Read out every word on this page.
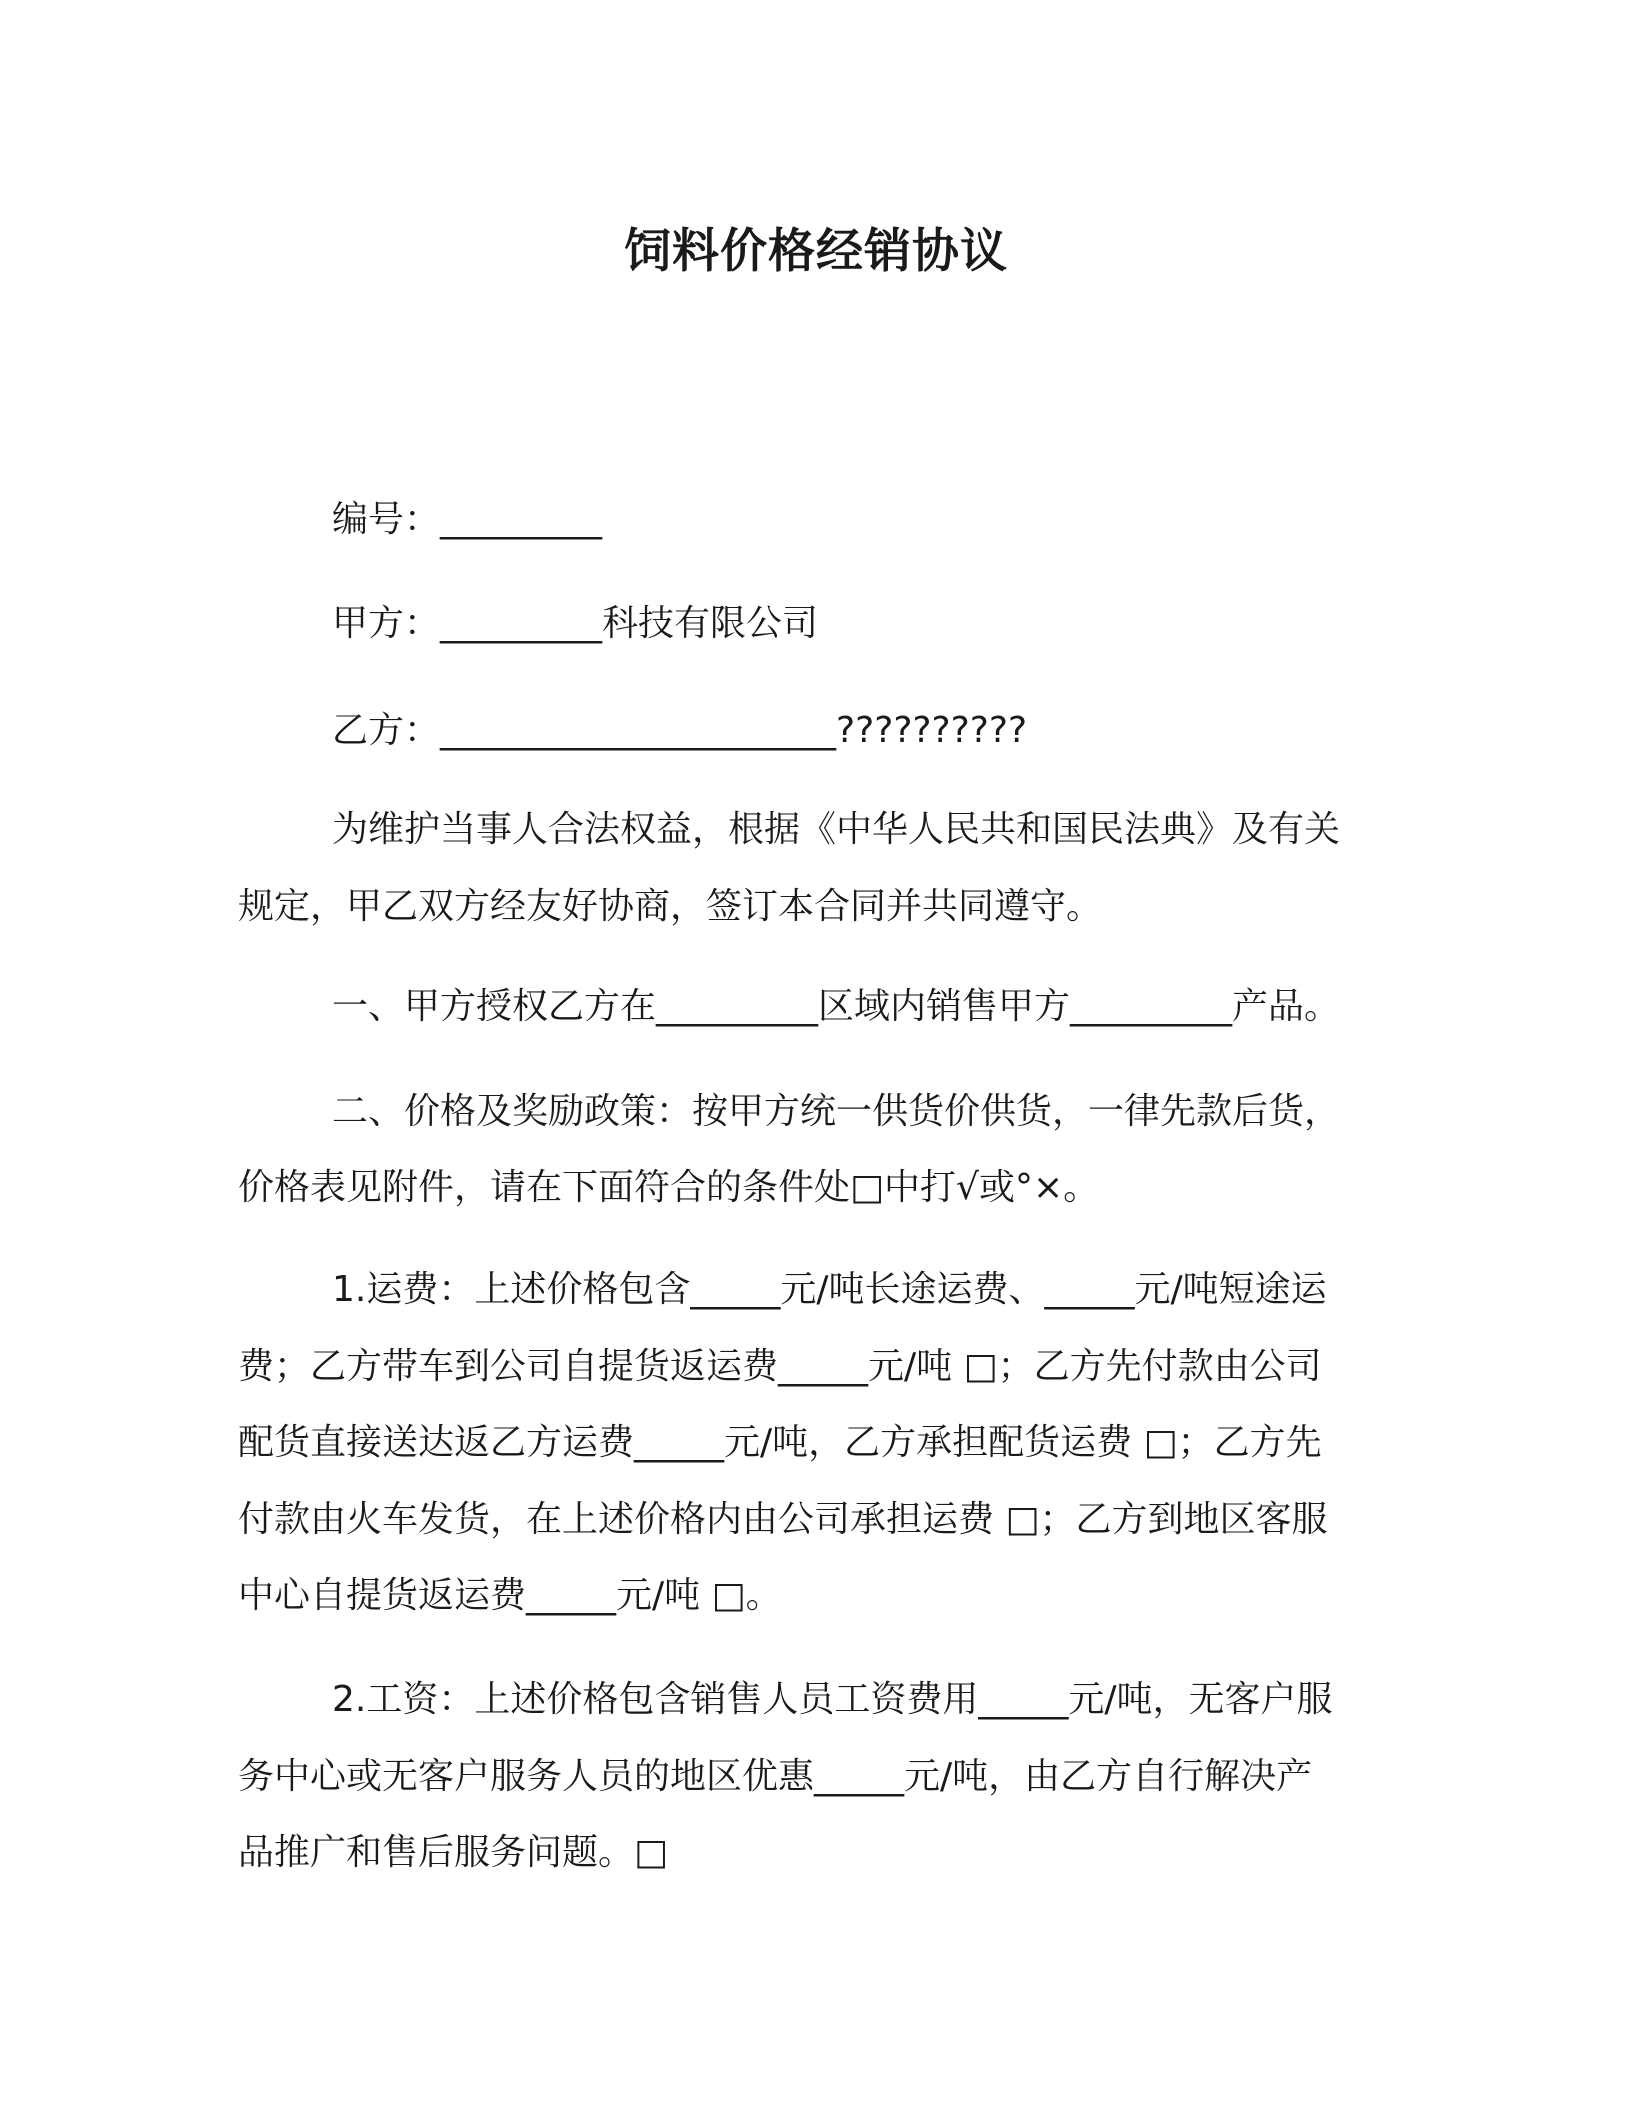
饲料价格经销协议
编号：_________
甲方：_________科技有限公司
乙方：______________________??????????
为维护当事人合法权益，根据《中华人民共和国民法典》及有关
规定，甲乙双方经友好协商，签订本合同并共同遵守。
一、甲方授权乙方在_________区域内销售甲方_________产品。
二、价格及奖励政策：按甲方统一供货价供货，一律先款后货，
价格表见附件，请在下面符合的条件处□中打√或°×。
1.运费：上述价格包含_____元/吨长途运费、_____元/吨短途运
费；乙方带车到公司自提货返运费_____元/吨 □；乙方先付款由公司
配货直接送达返乙方运费_____元/吨，乙方承担配货运费 □；乙方先
付款由火车发货，在上述价格内由公司承担运费 □；乙方到地区客服
中心自提货返运费_____元/吨 □。
2.工资：上述价格包含销售人员工资费用_____元/吨，无客户服
务中心或无客户服务人员的地区优惠_____元/吨，由乙方自行解决产
品推广和售后服务问题。□
